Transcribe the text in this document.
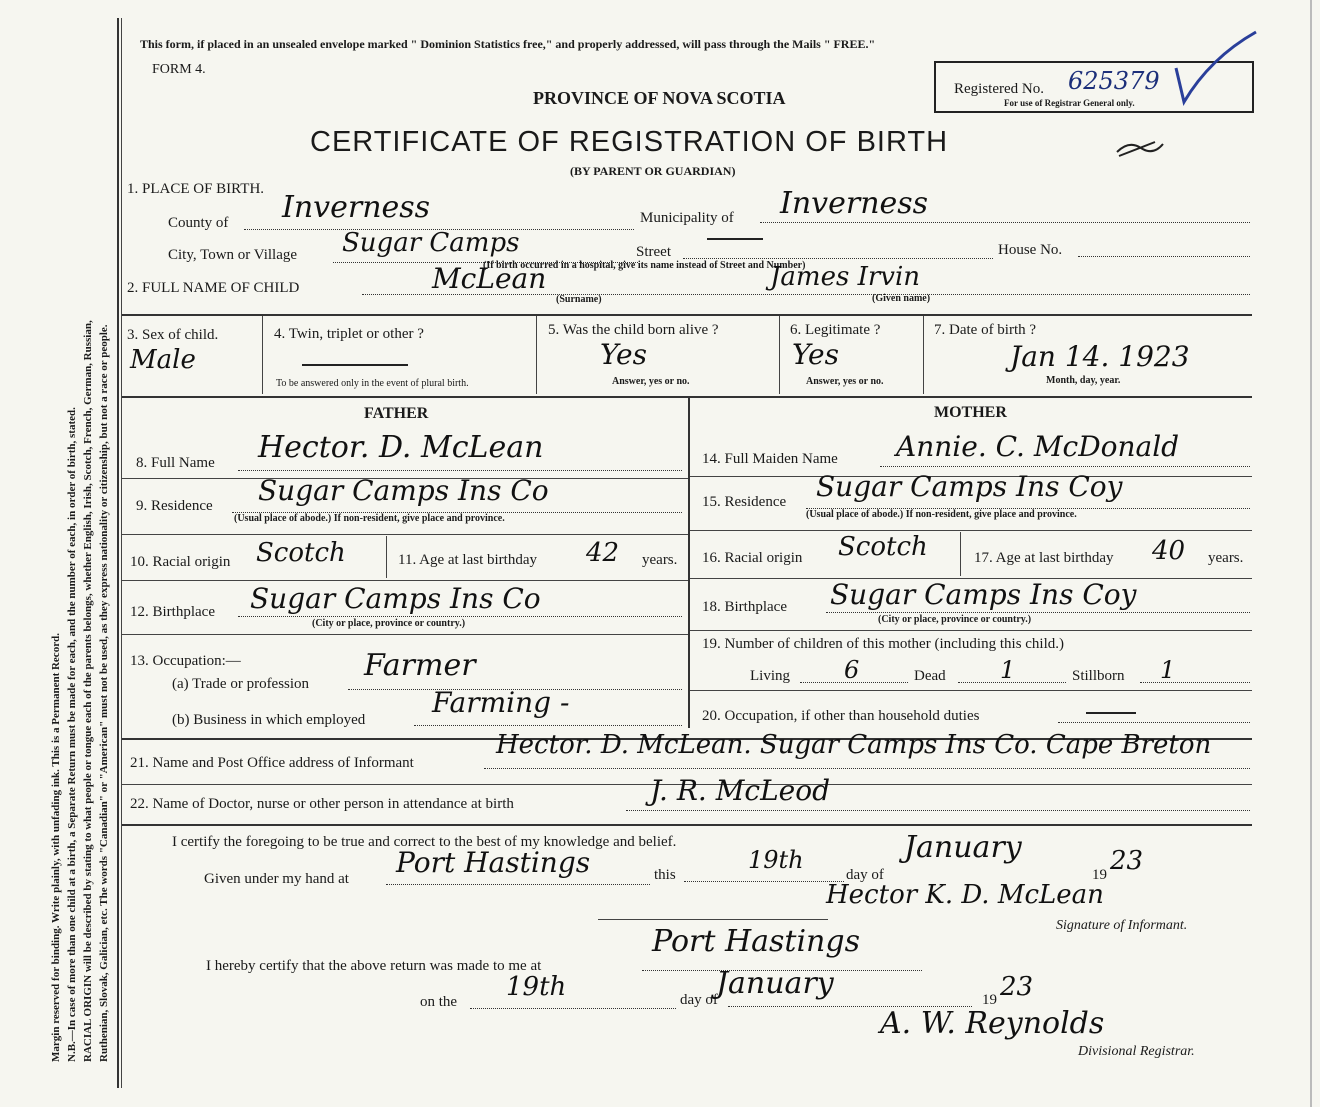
Margin reserved for binding. Write plainly, with unfading ink. This is a Permanent Record. N.B.—In case of more than one child at a birth, a Separate Return must be made for each, and the number of each, in order of birth, stated. RACIAL ORIGIN will be described by stating to what people or tongue each of the parents belongs, whether English, Irish, Scotch, French, German, Russian, Ruthenian, Slovak, Galician, etc. The words "Canadian" or "American" must not be used, as they express nationality or citizenship, but not a race or people.
This form, if placed in an unsealed envelope marked " Dominion Statistics free," and properly addressed, will pass through the Mails " FREE."
FORM 4.
PROVINCE OF NOVA SCOTIA
CERTIFICATE OF REGISTRATION OF BIRTH
(BY PARENT OR GUARDIAN)
Registered No. 625379
For use of Registrar General only.
1. PLACE OF BIRTH.
County of Inverness	Municipality of Inverness
City, Town or Village Sugar Camps	Street	House No.
(If birth occurred in a hospital, give its name instead of Street and Number)
2. FULL NAME OF CHILD	McLean
(Surname)
James Irvin
(Given name)
3. Sex of child.
Male
4. Twin, triplet or other ?
To be answered only in the event of plural birth.
5. Was the child born alive ?
Yes
Answer, yes or no.
6. Legitimate ?
Yes
Answer, yes or no.
7. Date of birth ?
Jan 14. 1923
Month, day, year.
FATHER
8. Full Name Hector. D. McLean
9. Residence Sugar Camps Ins Co
(Usual place of abode.) If non-resident, give place and province.
10. Racial origin Scotch	11. Age at last birthday 42 years.
12. Birthplace Sugar Camps Ins Co
(City or place, province or country.)
13. Occupation:—
(a) Trade or profession
Farmer
(b) Business in which employed
Farming -
MOTHER
14. Full Maiden Name Annie. C. McDonald
15. Residence Sugar Camps Ins Coy
(Usual place of abode.) If non-resident, give place and province.
16. Racial origin Scotch	17. Age at last birthday 40 years.
18. Birthplace Sugar Camps Ins Coy
(City or place, province or country.)
19. Number of children of this mother (including this child.)
Living 6	Dead 1	Stillborn 1
20. Occupation, if other than household duties
21. Name and Post Office address of Informant
Hector. D. McLean. Sugar Camps Ins Co. Cape Breton
22. Name of Doctor, nurse or other person in attendance at birth	J. R. McLeod
I certify the foregoing to be true and correct to the best of my knowledge and belief.
Given under my hand at Port Hastings	this
19th
day of
January
19 23
Hector K. D. McLean
Signature of Informant.
I hereby certify that the above return was made to me at
Port Hastings
on the 19th	day of
January	19 23
A. W. Reynolds
Divisional Registrar.
